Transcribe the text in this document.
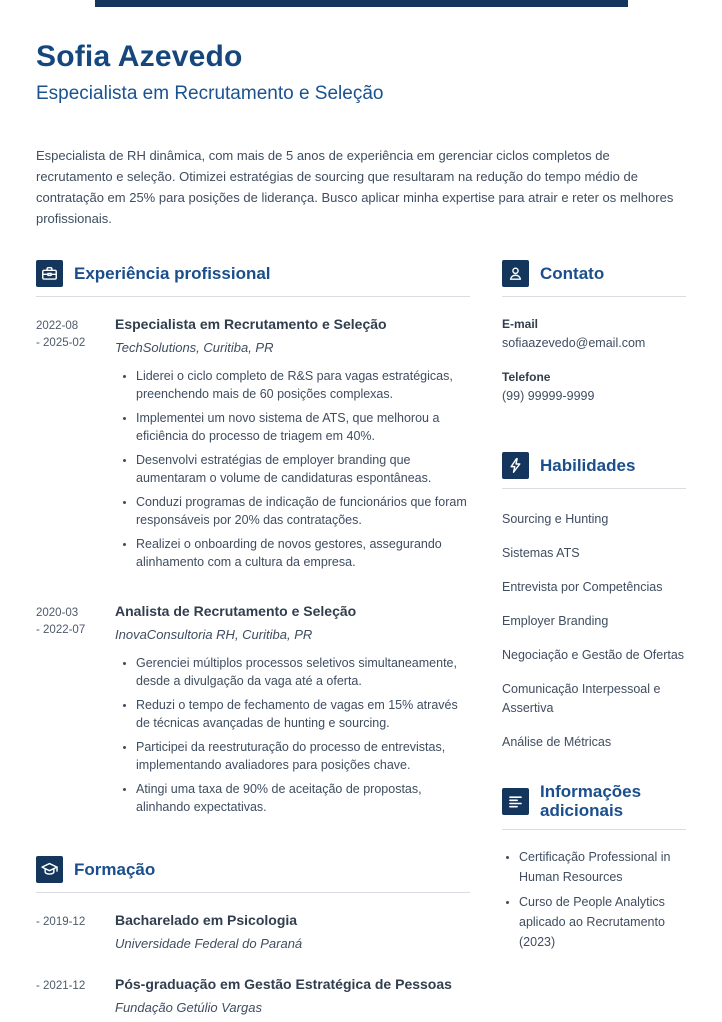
Sofia Azevedo
Especialista em Recrutamento e Seleção
Especialista de RH dinâmica, com mais de 5 anos de experiência em gerenciar ciclos completos de recrutamento e seleção. Otimizei estratégias de sourcing que resultaram na redução do tempo médio de contratação em 25% para posições de liderança. Busco aplicar minha expertise para atrair e reter os melhores profissionais.
Experiência profissional
2022-08
- 2025-02
Especialista em Recrutamento e Seleção
TechSolutions, Curitiba, PR
• Liderei o ciclo completo de R&S para vagas estratégicas, preenchendo mais de 60 posições complexas.
• Implementei um novo sistema de ATS, que melhorou a eficiência do processo de triagem em 40%.
• Desenvolvi estratégias de employer branding que aumentaram o volume de candidaturas espontâneas.
• Conduzi programas de indicação de funcionários que foram responsáveis por 20% das contratações.
• Realizei o onboarding de novos gestores, assegurando alinhamento com a cultura da empresa.
2020-03
- 2022-07
Analista de Recrutamento e Seleção
InovaConsultoria RH, Curitiba, PR
• Gerenciei múltiplos processos seletivos simultaneamente, desde a divulgação da vaga até a oferta.
• Reduzi o tempo de fechamento de vagas em 15% através de técnicas avançadas de hunting e sourcing.
• Participei da reestruturação do processo de entrevistas, implementando avaliadores para posições chave.
• Atingi uma taxa de 90% de aceitação de propostas, alinhando expectativas.
Formação
- 2019-12	Bacharelado em Psicologia
Universidade Federal do Paraná
- 2021-12	Pós-graduação em Gestão Estratégica de Pessoas
Fundação Getúlio Vargas
Contato
E-mail
sofiaazevedo@email.com
Telefone
(99) 99999-9999
Habilidades
Sourcing e Hunting
Sistemas ATS
Entrevista por Competências
Employer Branding
Negociação e Gestão de Ofertas
Comunicação Interpessoal e Assertiva
Análise de Métricas
Informações adicionais
• Certificação Professional in Human Resources
• Curso de People Analytics aplicado ao Recrutamento (2023)
